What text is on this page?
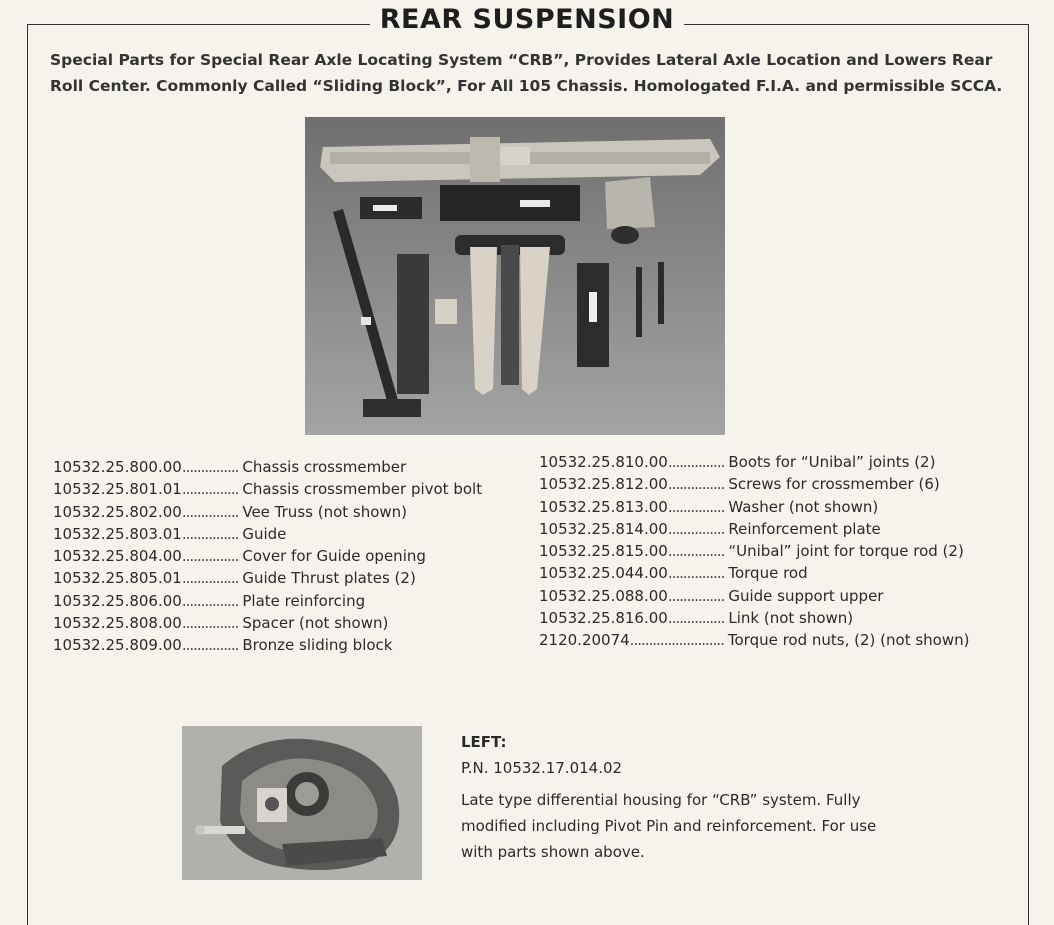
REAR SUSPENSION
Special Parts for Special Rear Axle Locating System “CRB”, Provides Lateral Axle Location and Lowers Rear Roll Center. Commonly Called “Sliding Block”, For All 105 Chassis. Homologated F.I.A. and permissible SCCA.
10532.25.800.00............... Chassis crossmember
10532.25.801.01............... Chassis crossmember pivot bolt
10532.25.802.00............... Vee Truss (not shown)
10532.25.803.01............... Guide
10532.25.804.00............... Cover for Guide opening
10532.25.805.01............... Guide Thrust plates (2)
10532.25.806.00............... Plate reinforcing
10532.25.808.00............... Spacer (not shown)
10532.25.809.00............... Bronze sliding block
10532.25.810.00............... Boots for “Unibal” joints (2)
10532.25.812.00............... Screws for crossmember (6)
10532.25.813.00............... Washer (not shown)
10532.25.814.00............... Reinforcement plate
10532.25.815.00............... “Unibal” joint for torque rod (2)
10532.25.044.00............... Torque rod
10532.25.088.00............... Guide support upper
10532.25.816.00............... Link (not shown)
2120.20074......................... Torque rod nuts, (2) (not shown)
LEFT:
P.N. 10532.17.014.02
Late type differential housing for “CRB” system. Fully modified including Pivot Pin and reinforcement. For use with parts shown above.
